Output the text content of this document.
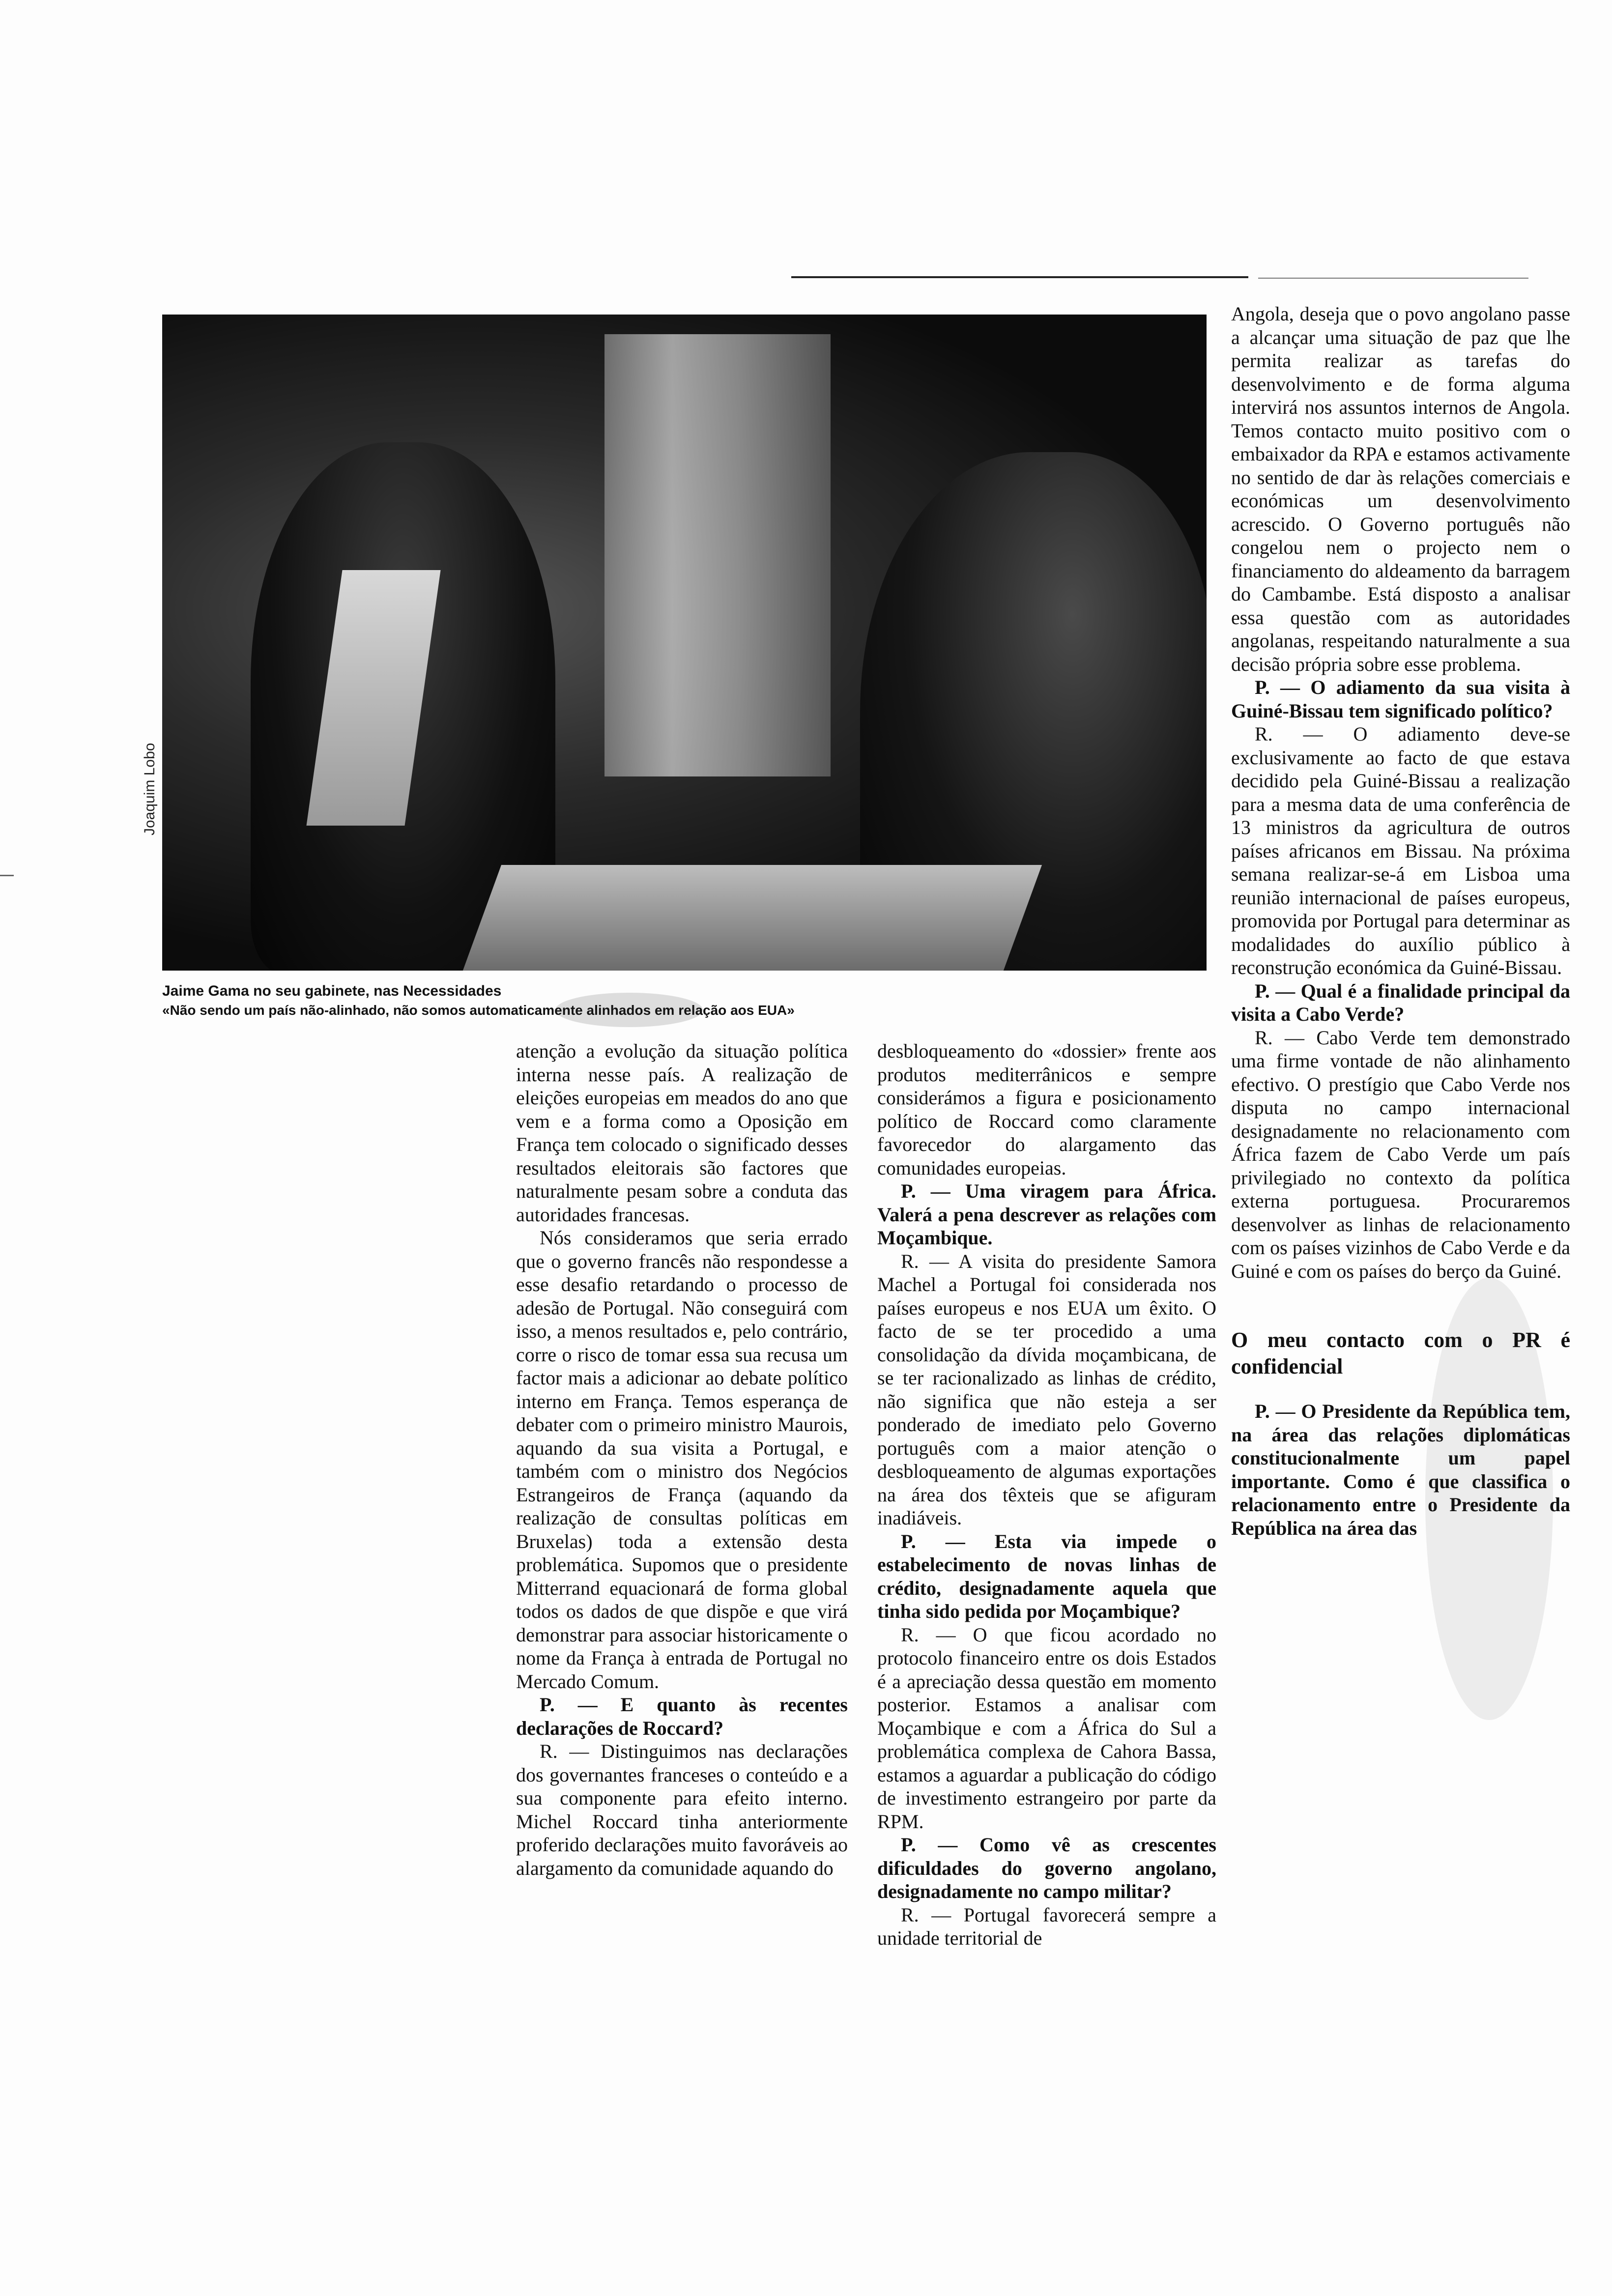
Joaquim Lobo
Jaime Gama no seu gabinete, nas Necessidades
«Não sendo um país não-alinhado, não somos automaticamente alinhados em relação aos EUA»

atenção a evolução da situação política interna nesse país. A realização de eleições europeias em meados do ano que vem e a forma como a Oposição em França tem colocado o significado desses resultados eleitorais são factores que naturalmente pesam sobre a conduta das autoridades francesas.

Nós consideramos que seria errado que o governo francês não respondesse a esse desafio retardando o processo de adesão de Portugal. Não conseguirá com isso, a menos resultados e, pelo contrário, corre o risco de tomar essa sua recusa um factor mais a adicionar ao debate político interno em França. Temos esperança de debater com o primeiro ministro Maurois, aquando da sua visita a Portugal, e também com o ministro dos Negócios Estrangeiros de França (aquando da realização de consultas políticas em Bruxelas) toda a extensão desta problemática. Supomos que o presidente Mitterrand equacionará de forma global todos os dados de que dispõe e que virá demonstrar para associar historicamente o nome da França à entrada de Portugal no Mercado Comum.

P. — E quanto às recentes declarações de Roccard?

R. — Distinguimos nas declarações dos governantes franceses o conteúdo e a sua componente para efeito interno. Michel Roccard tinha anteriormente proferido declarações muito favoráveis ao alargamento da comunidade aquando do

desbloqueamento do «dossier» frente aos produtos mediterrânicos e sempre considerámos a figura e posicionamento político de Roccard como claramente favorecedor do alargamento das comunidades europeias.

P. — Uma viragem para África. Valerá a pena descrever as relações com Moçambique.

R. — A visita do presidente Samora Machel a Portugal foi considerada nos países europeus e nos EUA um êxito. O facto de se ter procedido a uma consolidação da dívida moçambicana, de se ter racionalizado as linhas de crédito, não significa que não esteja a ser ponderado de imediato pelo Governo português com a maior atenção o desbloqueamento de algumas exportações na área dos têxteis que se afiguram inadiáveis.

P. — Esta via impede o estabelecimento de novas linhas de crédito, designadamente aquela que tinha sido pedida por Moçambique?

R. — O que ficou acordado no protocolo financeiro entre os dois Estados é a apreciação dessa questão em momento posterior. Estamos a analisar com Moçambique e com a África do Sul a problemática complexa de Cahora Bassa, estamos a aguardar a publicação do código de investimento estrangeiro por parte da RPM.

P. — Como vê as crescentes dificuldades do governo angolano, designadamente no campo militar?

R. — Portugal favorecerá sempre a unidade territorial de

Angola, deseja que o povo angolano passe a alcançar uma situação de paz que lhe permita realizar as tarefas do desenvolvimento e de forma alguma intervirá nos assuntos internos de Angola. Temos contacto muito positivo com o embaixador da RPA e estamos activamente no sentido de dar às relações comerciais e económicas um desenvolvimento acrescido. O Governo português não congelou nem o projecto nem o financiamento do aldeamento da barragem do Cambambe. Está disposto a analisar essa questão com as autoridades angolanas, respeitando naturalmente a sua decisão própria sobre esse problema.

P. — O adiamento da sua visita à Guiné-Bissau tem significado político?

R. — O adiamento deve-se exclusivamente ao facto de que estava decidido pela Guiné-Bissau a realização para a mesma data de uma conferência de 13 ministros da agricultura de outros países africanos em Bissau. Na próxima semana realizar-se-á em Lisboa uma reunião internacional de países europeus, promovida por Portugal para determinar as modalidades do auxílio público à reconstrução económica da Guiné-Bissau.

P. — Qual é a finalidade principal da visita a Cabo Verde?

R. — Cabo Verde tem demonstrado uma firme vontade de não alinhamento efectivo. O prestígio que Cabo Verde nos disputa no campo internacional designadamente no relacionamento com África fazem de Cabo Verde um país privilegiado no contexto da política externa portuguesa. Procuraremos desenvolver as linhas de relacionamento com os países vizinhos de Cabo Verde e da Guiné e com os países do berço da Guiné.

O meu contacto com o PR é confidencial

P. — O Presidente da República tem, na área das relações diplomáticas constitucionalmente um papel importante. Como é que classifica o relacionamento entre o Presidente da República na área das
